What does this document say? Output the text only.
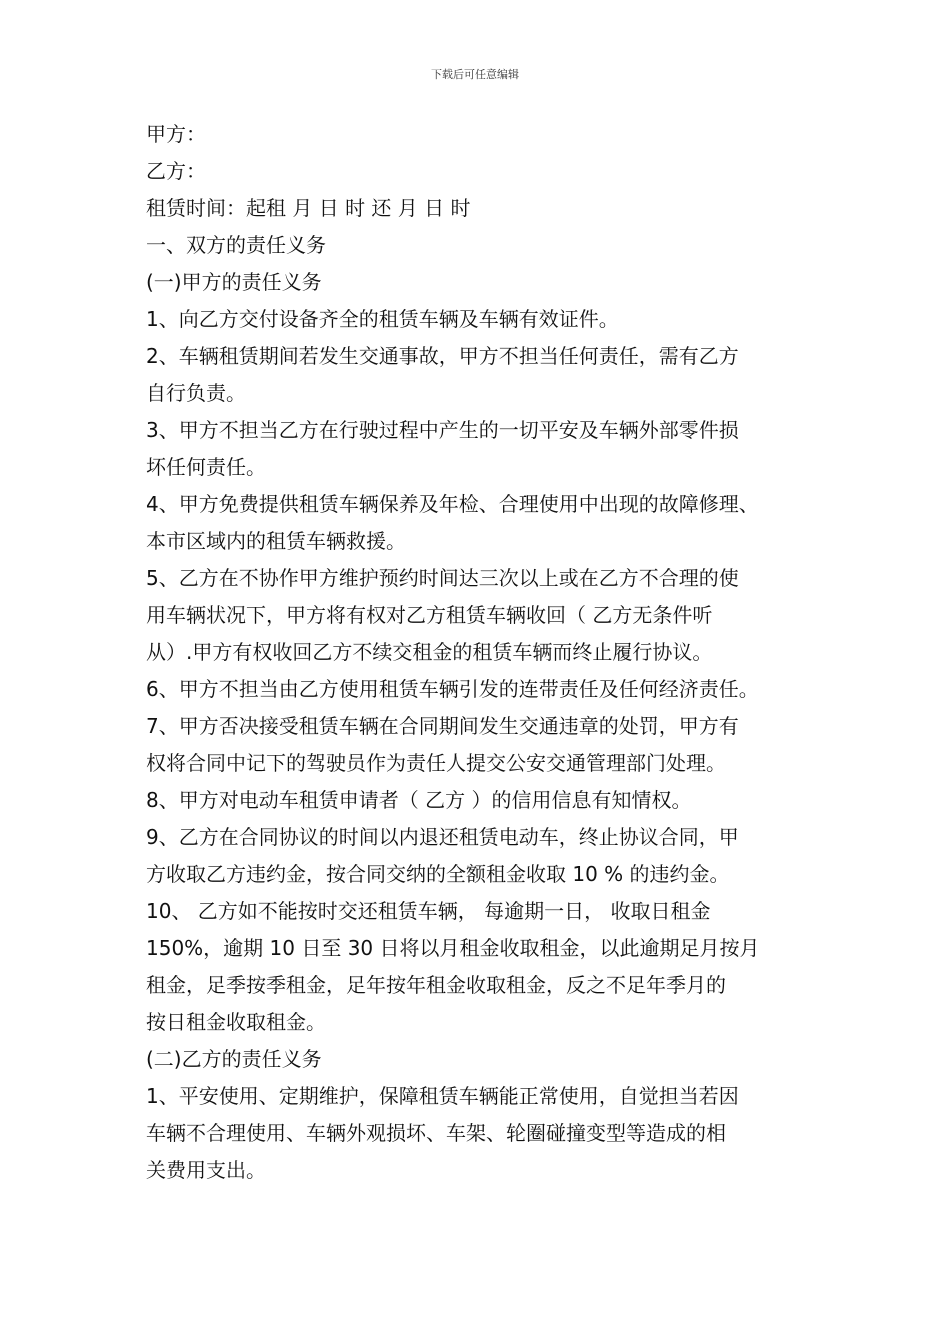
下载后可任意编辑
甲方：
乙方：
租赁时间：起租 月 日 时 还 月 日 时
一、双方的责任义务
(一)甲方的责任义务
1、向乙方交付设备齐全的租赁车辆及车辆有效证件。
2、车辆租赁期间若发生交通事故，甲方不担当任何责任，需有乙方
自行负责。
3、甲方不担当乙方在行驶过程中产生的一切平安及车辆外部零件损
坏任何责任。
4、甲方免费提供租赁车辆保养及年检、合理使用中出现的故障修理、
本市区域内的租赁车辆救援。
5、乙方在不协作甲方维护预约时间达三次以上或在乙方不合理的使
用车辆状况下，甲方将有权对乙方租赁车辆收回（ 乙方无条件听
从）.甲方有权收回乙方不续交租金的租赁车辆而终止履行协议。
6、甲方不担当由乙方使用租赁车辆引发的连带责任及任何经济责任。
7、甲方否决接受租赁车辆在合同期间发生交通违章的处罚，甲方有
权将合同中记下的驾驶员作为责任人提交公安交通管理部门处理。
8、甲方对电动车租赁申请者（ 乙方 ）的信用信息有知情权。
9、乙方在合同协议的时间以内退还租赁电动车，终止协议合同，甲
方收取乙方违约金，按合同交纳的全额租金收取 10 % 的违约金。
10、 乙方如不能按时交还租赁车辆， 每逾期一日， 收取日租金
150%，逾期 10 日至 30 日将以月租金收取租金，以此逾期足月按月
租金，足季按季租金，足年按年租金收取租金，反之不足年季月的
按日租金收取租金。
(二)乙方的责任义务
1、平安使用、定期维护，保障租赁车辆能正常使用，自觉担当若因
车辆不合理使用、车辆外观损坏、车架、轮圈碰撞变型等造成的相
关费用支出。
